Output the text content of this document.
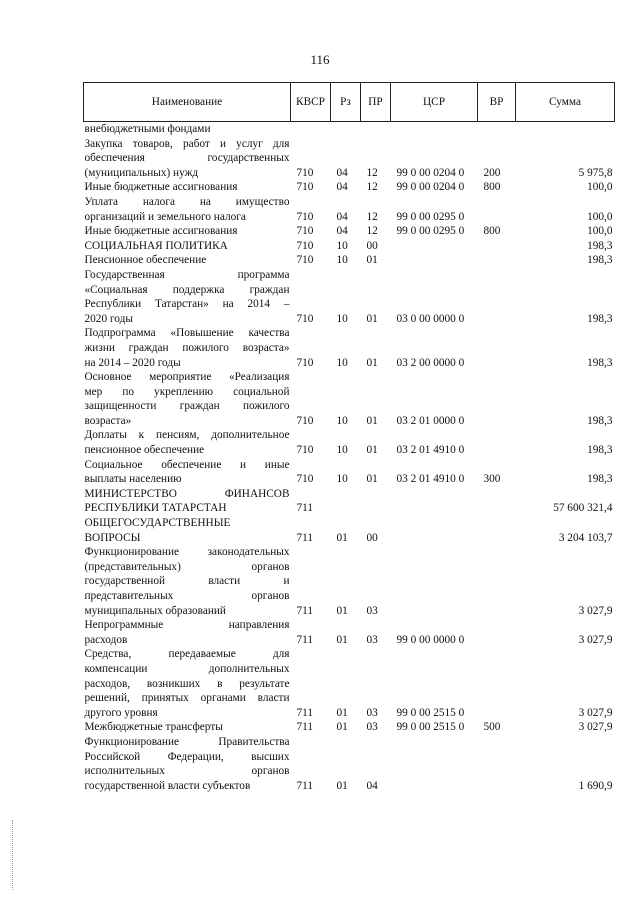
116
Наименование	КВСР	Рз	ПР	ЦСР	ВР	Сумма

внебюджетными фондами						

Закупка товаров, работ и услуг для
обеспечения государственных
(муниципальных) нужд	710	04	12	99 0 00 0204 0	200	5 975,8

Иные бюджетные ассигнования	710	04	12	99 0 00 0204 0	800	100,0

Уплата налога на имущество
организаций и земельного налога	710	04	12	99 0 00 0295 0		100,0

Иные бюджетные ассигнования	710	04	12	99 0 00 0295 0	800	100,0

СОЦИАЛЬНАЯ ПОЛИТИКА	710	10	00			198,3

Пенсионное обеспечение	710	10	01			198,3

Государственная программа
«Социальная поддержка граждан
Республики Татарстан» на 2014 –
2020 годы	710	10	01	03 0 00 0000 0		198,3

Подпрограмма «Повышение качества
жизни граждан пожилого возраста»
на 2014 – 2020 годы	710	10	01	03 2 00 0000 0		198,3

Основное мероприятие «Реализация
мер по укреплению социальной
защищенности граждан пожилого
возраста»	710	10	01	03 2 01 0000 0		198,3

Доплаты к пенсиям, дополнительное
пенсионное обеспечение	710	10	01	03 2 01 4910 0		198,3

Социальное обеспечение и иные
выплаты населению	710	10	01	03 2 01 4910 0	300	198,3

МИНИСТЕРСТВО ФИНАНСОВ
РЕСПУБЛИКИ ТАТАРСТАН	711					57 600 321,4

ОБЩЕГОСУДАРСТВЕННЫЕ
ВОПРОСЫ	711	01	00			3 204 103,7

Функционирование законодательных
(представительных) органов
государственной власти и
представительных органов
муниципальных образований	711	01	03			3 027,9

Непрограммные направления
расходов	711	01	03	99 0 00 0000 0		3 027,9

Средства, передаваемые для
компенсации дополнительных
расходов, возникших в результате
решений, принятых органами власти
другого уровня	711	01	03	99 0 00 2515 0		3 027,9

Межбюджетные трансферты	711	01	03	99 0 00 2515 0	500	3 027,9

Функционирование Правительства
Российской Федерации, высших
исполнительных органов
государственной власти субъектов	711	01	04			1 690,9
